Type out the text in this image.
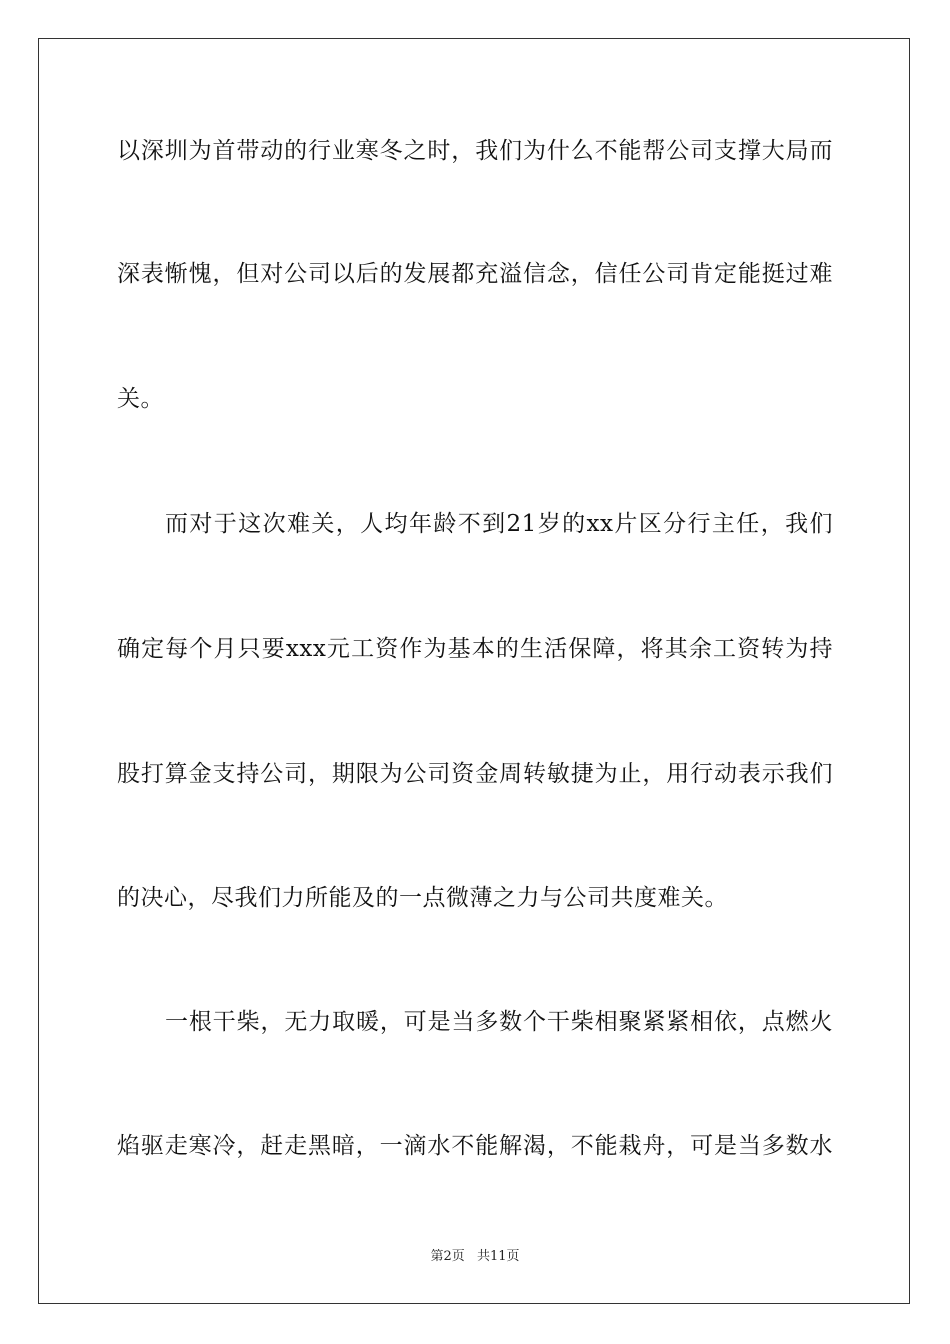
以深圳为首带动的行业寒冬之时，我们为什么不能帮公司支撑大局而
深表惭愧，但对公司以后的发展都充溢信念，信任公司肯定能挺过难
关。
而对于这次难关，人均年龄不到21岁的xx片区分行主任，我们
确定每个月只要xxx元工资作为基本的生活保障，将其余工资转为持
股打算金支持公司，期限为公司资金周转敏捷为止，用行动表示我们
的决心，尽我们力所能及的一点微薄之力与公司共度难关。
一根干柴，无力取暖，可是当多数个干柴相聚紧紧相依，点燃火
焰驱走寒冷，赶走黑暗，一滴水不能解渴，不能栽舟，可是当多数水
第2页 共11页
